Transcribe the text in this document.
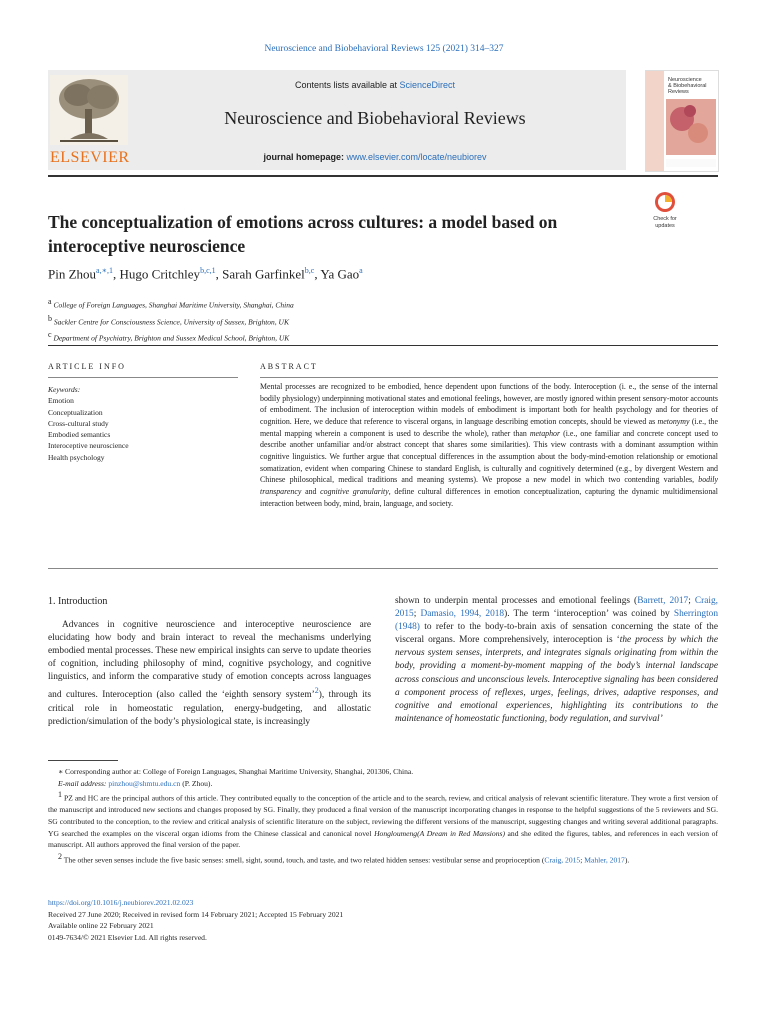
Neuroscience and Biobehavioral Reviews 125 (2021) 314–327
ELSEVIER
Contents lists available at ScienceDirect
Neuroscience and Biobehavioral Reviews
journal homepage: www.elsevier.com/locate/neubiorev
Neuroscience
& Biobehavioral
Reviews
The conceptualization of emotions across cultures: a model based on interoceptive neuroscience
Check for
updates
Pin Zhou$^{a,∗,1}$, Hugo Critchley$^{b,c,1}$, Sarah Garfinkel$^{b,c}$, Ya Gao$^a$
$^a$ College of Foreign Languages, Shanghai Maritime University, Shanghai, China
$^b$ Sackler Centre for Consciousness Science, University of Sussex, Brighton, UK
$^c$ Department of Psychiatry, Brighton and Sussex Medical School, Brighton, UK
ARTICLE INFO
Keywords:
Emotion
Conceptualization
Cross-cultural study
Embodied semantics
Interoceptive neuroscience
Health psychology
ABSTRACT
Mental processes are recognized to be embodied, hence dependent upon functions of the body. Interoception (i. e., the sense of the internal bodily physiology) underpinning motivational states and emotional feelings, however, are mostly ignored within present sensory-motor accounts of embodiment. The inclusion of interoception within models of embodiment is important both for health psychology and for theories of cognition. Here, we deduce that reference to visceral organs, in language describing emotion concepts, should be viewed as metonymy (i.e., the mental mapping wherein a component is used to describe the whole), rather than metaphor (i.e., one familiar and concrete concept used to describe another unfamiliar and/or abstract concept that shares some similarities). This view contrasts with a dominant assumption within cognitive linguistics. We further argue that conceptual differences in the assumption about the body-mind-emotion relationship or emotional somatization, evident when comparing Chinese to standard English, is culturally and cognitively determined (e.g., by divergent Western and Chinese philosophical, medical traditions and meaning systems). We propose a new model in which two contending variables, bodily transparency and cognitive granularity, define cultural differences in emotion conceptualization, capturing the dynamic multidimensional interaction between body, mind, brain, language, and society.
1. Introduction
Advances in cognitive neuroscience and interoceptive neuroscience are elucidating how body and brain interact to reveal the mechanisms underlying embodied mental processes. These new empirical insights can serve to update theories of cognition, including philosophy of mind, cognitive psychology, and cognitive linguistics, and inform the comparative study of emotion concepts across languages and cultures. Interoception (also called the ‘eighth sensory system’$^2$), through its critical role in homeostatic regulation, energy-budgeting, and allostatic prediction/simulation of the body’s physiological state, is increasingly
shown to underpin mental processes and emotional feelings (Barrett, 2017; Craig, 2015; Damasio, 1994, 2018). The term ‘interoception’ was coined by Sherrington (1948) to refer to the body-to-brain axis of sensation concerning the state of the visceral organs. More comprehensively, interoception is ‘the process by which the nervous system senses, interprets, and integrates signals originating from within the body, providing a moment-by-moment mapping of the body’s internal landscape across conscious and unconscious levels. Interoceptive signaling has been considered a component process of reflexes, urges, feelings, drives, adaptive responses, and cognitive and emotional experiences, highlighting its contributions to the maintenance of homeostatic functioning, body regulation, and survival’
∗ Corresponding author at: College of Foreign Languages, Shanghai Maritime University, Shanghai, 201306, China.
E-mail address: pinzhou@shmtu.edu.cn (P. Zhou).
$^1$ PZ and HC are the principal authors of this article. They contributed equally to the conception of the article and to the search, review, and critical analysis of relevant scientific literature. They wrote a first version of the manuscript and introduced new sections and changes proposed by SG. Finally, they produced a final version of the manuscript incorporating changes in response to the helpful suggestions of the 5 reviewers and SG. SG contributed to the conception, to the review and critical analysis of scientific literature on the subject, reviewing the different versions of the manuscript, suggesting changes and writing several additional paragraphs. YG searched the examples on the visceral organ idioms from the Chinese classical and canonical novel Hongloumeng(A Dream in Red Mansions) and she edited the figures, tables, and references in each version of manuscript. All authors approved the final version of the paper.
$^2$ The other seven senses include the five basic senses: smell, sight, sound, touch, and taste, and two related hidden senses: vestibular sense and proprioception (Craig, 2015; Mahler, 2017).
https://doi.org/10.1016/j.neubiorev.2021.02.023
Received 27 June 2020; Received in revised form 14 February 2021; Accepted 15 February 2021
Available online 22 February 2021
0149-7634/© 2021 Elsevier Ltd. All rights reserved.
